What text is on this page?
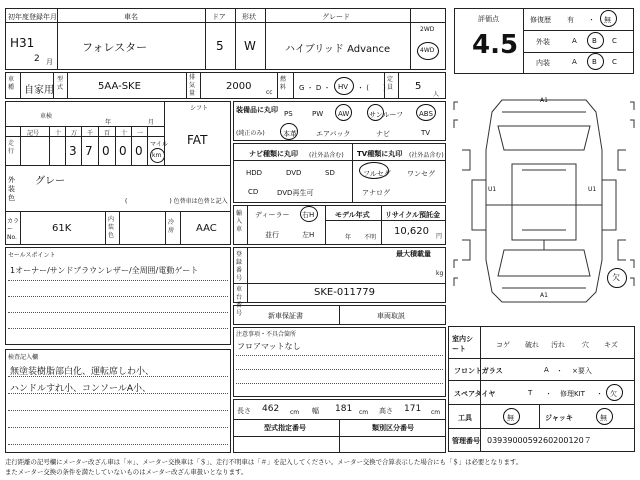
初年度登録年月
H31
2 月
車名
フォレスター
ドア
5
形状
W
グレード
ハイブリッド Advance
2WD
4WD
車種 自家用
型式	5AA-SKE
排気量
2000
cc
燃料	G ・ D ・ HV ・ (　　)
定員	5
人
評価点
4.5
修復歴 有 ・ 無
外装	A B C
内装	A B C
車検
年	月
シフト
FAT
記号	十 万 千 百 十 一
走行	3 7 0 0 0 マイル
km
外装色
グレー
(　　　　　　　) 色替車は色替と記入
カラーNo.
61K
内装色
冷房 AAC
装備品に丸印
(純正のみ)
PS	PW AW	サンルーフ ABS
本革	エアバック	ナビ	TV
ナビ種類に丸印 (社外品含む) TV種類に丸印 (社外品含む)
HDD	DVD	SD
CD	DVD再生可
フルセグ ワンセグ
アナログ
輸入車
ディーラー 右H
並行	左H
モデル年式
年 不明
リサイクル預託金
10,620 円
最大積載量
kg
登録番号
車台番号
SKE-011779
セールスポイント
1オーナー/サンドブラウンレザー/全周囲/電動ゲート
新車保証書	車両取説
注意事項・不具合箇所
フロアマットなし
検査記入欄
無塗装樹脂部白化、運転席しわ小、
ハンドルすれ小、コンソールA小、
長さ 462 cm 幅 181 cm 高さ 171 cm
型式指定番号	類別区分番号
A1
U1	U1
A1
欠
室内シート	コゲ 破れ 汚れ 穴 キズ
フロントガラス	A ・ ×要入
スペアタイヤ	T ・ 修理KIT ・ 欠
工具	無	ジャッキ	無
管理番号 0393900059260200120７
走行距離の記号欄にメーター改ざん車は「＊」、メーター交換車は「＄」、走行不明車は「＃」を記入してください。メーター交換で合算表示した場合にも「＄」は必要となります。
またメーター交換の条件を満たしていないものはメーター改ざん車扱いとなります。
